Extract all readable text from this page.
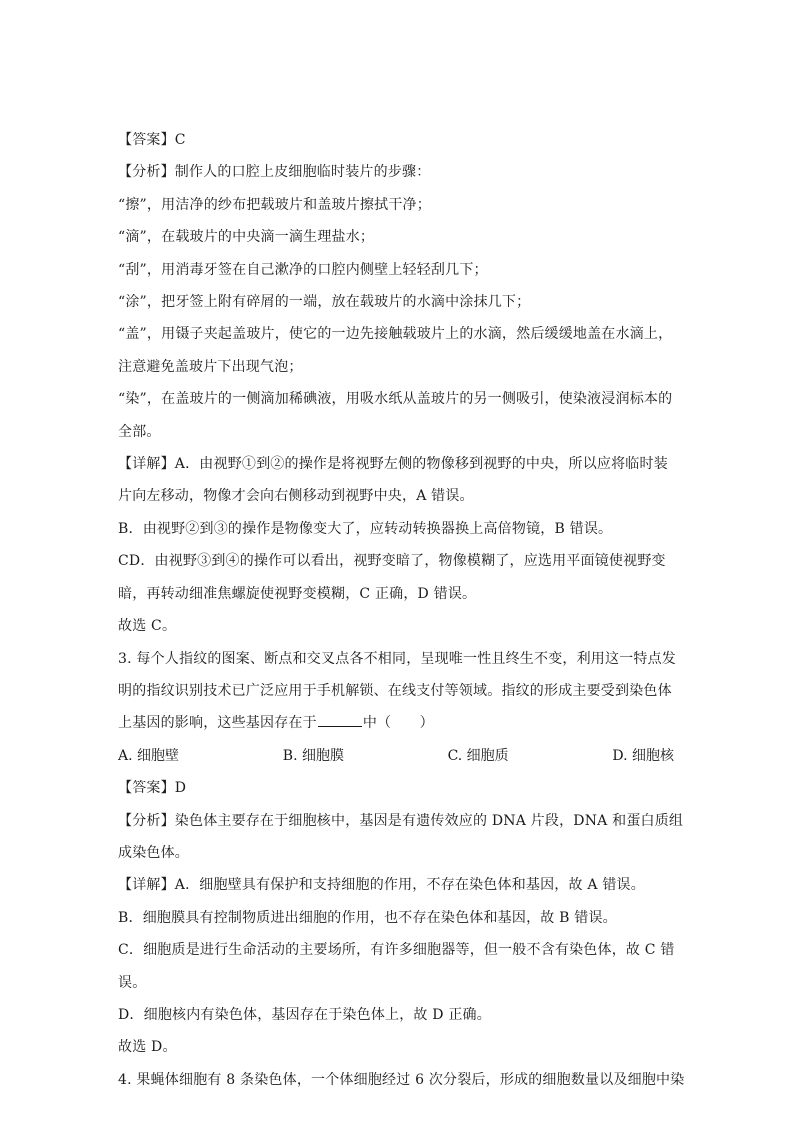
【答案】C
【分析】制作人的口腔上皮细胞临时装片的步骤：
“擦”，用洁净的纱布把载玻片和盖玻片擦拭干净；
“滴”，在载玻片的中央滴一滴生理盐水；
“刮”，用消毒牙签在自己漱净的口腔内侧壁上轻轻刮几下；
“涂”，把牙签上附有碎屑的一端，放在载玻片的水滴中涂抹几下；
“盖”，用镊子夹起盖玻片，使它的一边先接触载玻片上的水滴，然后缓缓地盖在水滴上，
注意避免盖玻片下出现气泡；
“染”，在盖玻片的一侧滴加稀碘液，用吸水纸从盖玻片的另一侧吸引，使染液浸润标本的
全部。
【详解】A．由视野①到②的操作是将视野左侧的物像移到视野的中央，所以应将临时装
片向左移动，物像才会向右侧移动到视野中央，A 错误。
B．由视野②到③的操作是物像变大了，应转动转换器换上高倍物镜，B 错误。
CD．由视野③到④的操作可以看出，视野变暗了，物像模糊了，应选用平面镜使视野变
暗，再转动细准焦螺旋使视野变模糊，C 正确，D 错误。
故选 C。
3. 每个人指纹的图案、断点和交叉点各不相同，呈现唯一性且终生不变，利用这一特点发
明的指纹识别技术已广泛应用于手机解锁、在线支付等领域。指纹的形成主要受到染色体
上基因的影响，这些基因存在于	中（　　）
A. 细胞壁	B. 细胞膜	C. 细胞质	D. 细胞核
【答案】D
【分析】染色体主要存在于细胞核中，基因是有遗传效应的 DNA 片段，DNA 和蛋白质组
成染色体。
【详解】A．细胞壁具有保护和支持细胞的作用，不存在染色体和基因，故 A 错误。
B．细胞膜具有控制物质进出细胞的作用，也不存在染色体和基因，故 B 错误。
C．细胞质是进行生命活动的主要场所，有许多细胞器等，但一般不含有染色体，故 C 错
误。
D．细胞核内有染色体，基因存在于染色体上，故 D 正确。
故选 D。
4. 果蝇体细胞有 8 条染色体，一个体细胞经过 6 次分裂后，形成的细胞数量以及细胞中染
